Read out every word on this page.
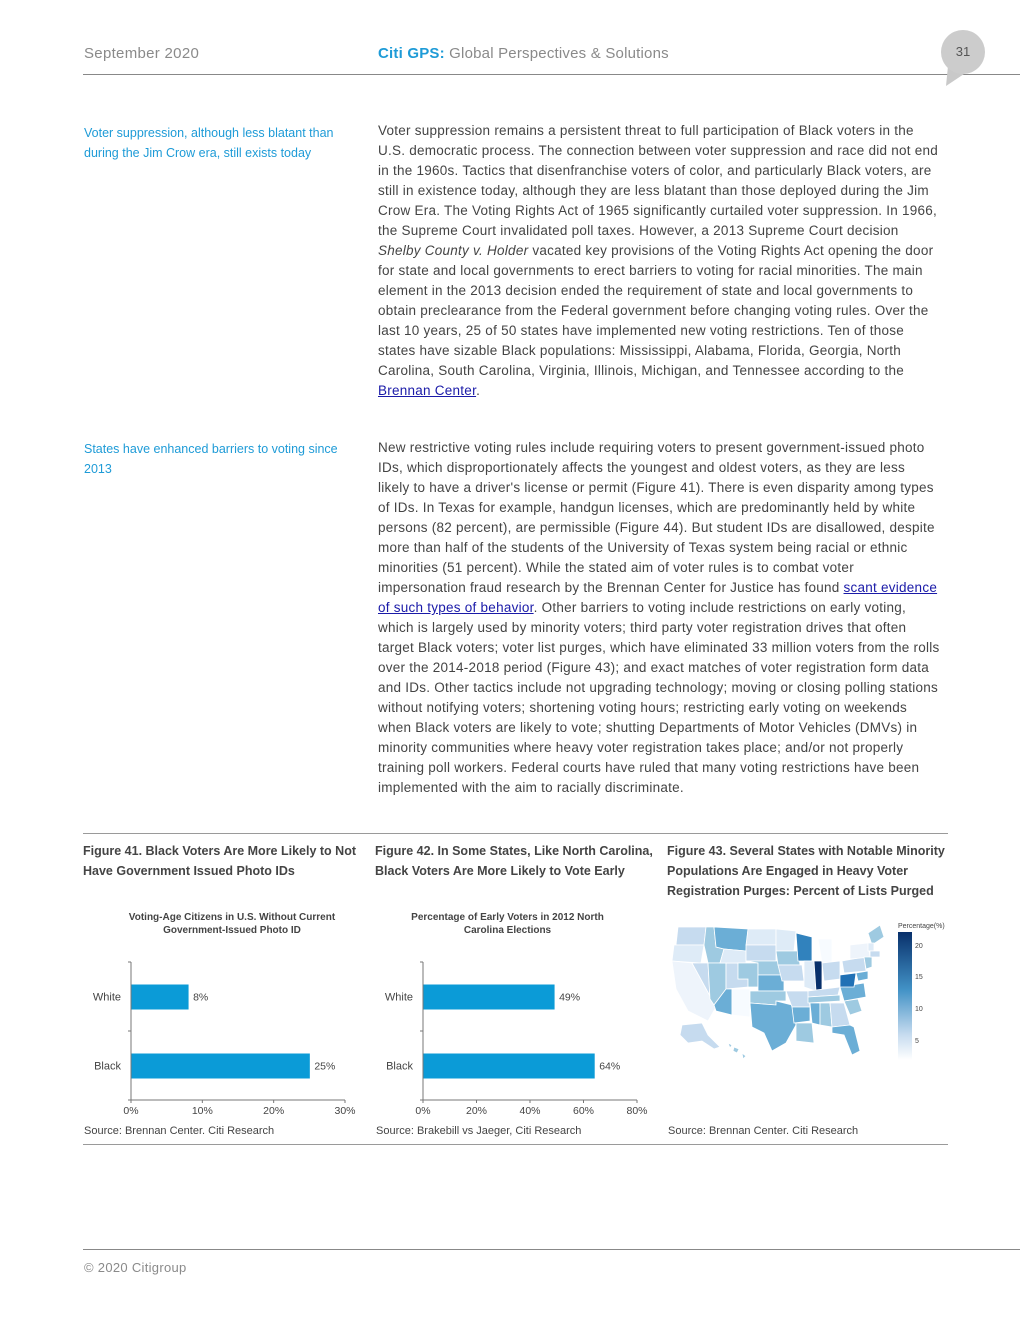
September 2020	Citi GPS: Global Perspectives & Solutions	31
Voter suppression, although less blatant than during the Jim Crow era, still exists today
States have enhanced barriers to voting since 2013
Voter suppression remains a persistent threat to full participation of Black voters in the U.S. democratic process. The connection between voter suppression and race did not end in the 1960s. Tactics that disenfranchise voters of color, and particularly Black voters, are still in existence today, although they are less blatant than those deployed during the Jim Crow Era. The Voting Rights Act of 1965 significantly curtailed voter suppression. In 1966, the Supreme Court invalidated poll taxes. However, a 2013 Supreme Court decision Shelby County v. Holder vacated key provisions of the Voting Rights Act opening the door for state and local governments to erect barriers to voting for racial minorities. The main element in the 2013 decision ended the requirement of state and local governments to obtain preclearance from the Federal government before changing voting rules. Over the last 10 years, 25 of 50 states have implemented new voting restrictions. Ten of those states have sizable Black populations: Mississippi, Alabama, Florida, Georgia, North Carolina, South Carolina, Virginia, Illinois, Michigan, and Tennessee according to the Brennan Center.
New restrictive voting rules include requiring voters to present government-issued photo IDs, which disproportionately affects the youngest and oldest voters, as they are less likely to have a driver's license or permit (Figure 41). There is even disparity among types of IDs. In Texas for example, handgun licenses, which are predominantly held by white persons (82 percent), are permissible (Figure 44). But student IDs are disallowed, despite more than half of the students of the University of Texas system being racial or ethnic minorities (51 percent). While the stated aim of voter rules is to combat voter impersonation fraud research by the Brennan Center for Justice has found scant evidence of such types of behavior. Other barriers to voting include restrictions on early voting, which is largely used by minority voters; third party voter registration drives that often target Black voters; voter list purges, which have eliminated 33 million voters from the rolls over the 2014-2018 period (Figure 43); and exact matches of voter registration form data and IDs. Other tactics include not upgrading technology; moving or closing polling stations without notifying voters; shortening voting hours; restricting early voting on weekends when Black voters are likely to vote; shutting Departments of Motor Vehicles (DMVs) in minority communities where heavy voter registration takes place; and/or not properly training poll workers. Federal courts have ruled that many voting restrictions have been implemented with the aim to racially discriminate.
Figure 41. Black Voters Are More Likely to Not Have Government Issued Photo IDs
Figure 42. In Some States, Like North Carolina, Black Voters Are More Likely to Vote Early
Figure 43. Several States with Notable Minority Populations Are Engaged in Heavy Voter Registration Purges: Percent of Lists Purged
Voting-Age Citizens in U.S. Without Current Government-Issued Photo ID
White	8%
Black	25%
0%	10%	20%	30%
Percentage of Early Voters in 2012 North Carolina Elections
White	49%
Black	64%
0%	20%	40%	60%	80%
Percentage(%)
20
15
10
5
Source: Brennan Center. Citi Research	Source: Brakebill vs Jaeger, Citi Research	Source: Brennan Center. Citi Research
© 2020 Citigroup
